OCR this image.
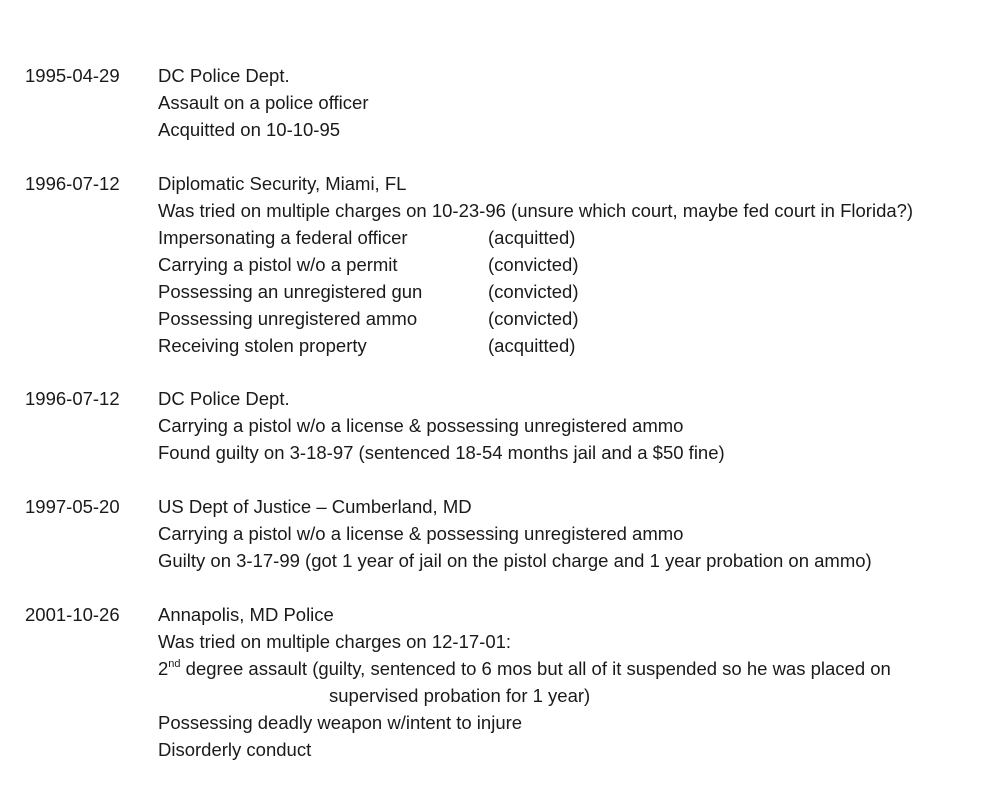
1995-04-29 DC Police Dept.
Assault on a police officer
Acquitted on 10-10-95
1996-07-12 Diplomatic Security, Miami, FL
Was tried on multiple charges on 10-23-96 (unsure which court, maybe fed court in Florida?)
Impersonating a federal officer	(acquitted)
Carrying a pistol w/o a permit	(convicted)
Possessing an unregistered gun	(convicted)
Possessing unregistered ammo	(convicted)
Receiving stolen property	(acquitted)
1996-07-12 DC Police Dept.
Carrying a pistol w/o a license & possessing unregistered ammo
Found guilty on 3-18-97 (sentenced 18-54 months jail and a $50 fine)
1997-05-20 US Dept of Justice – Cumberland, MD
Carrying a pistol w/o a license & possessing unregistered ammo
Guilty on 3-17-99 (got 1 year of jail on the pistol charge and 1 year probation on ammo)
2001-10-26 Annapolis, MD Police
Was tried on multiple charges on 12-17-01:
2nd degree assault (guilty, sentenced to 6 mos but all of it suspended so he was placed on
supervised probation for 1 year)
Possessing deadly weapon w/intent to injure
Disorderly conduct
